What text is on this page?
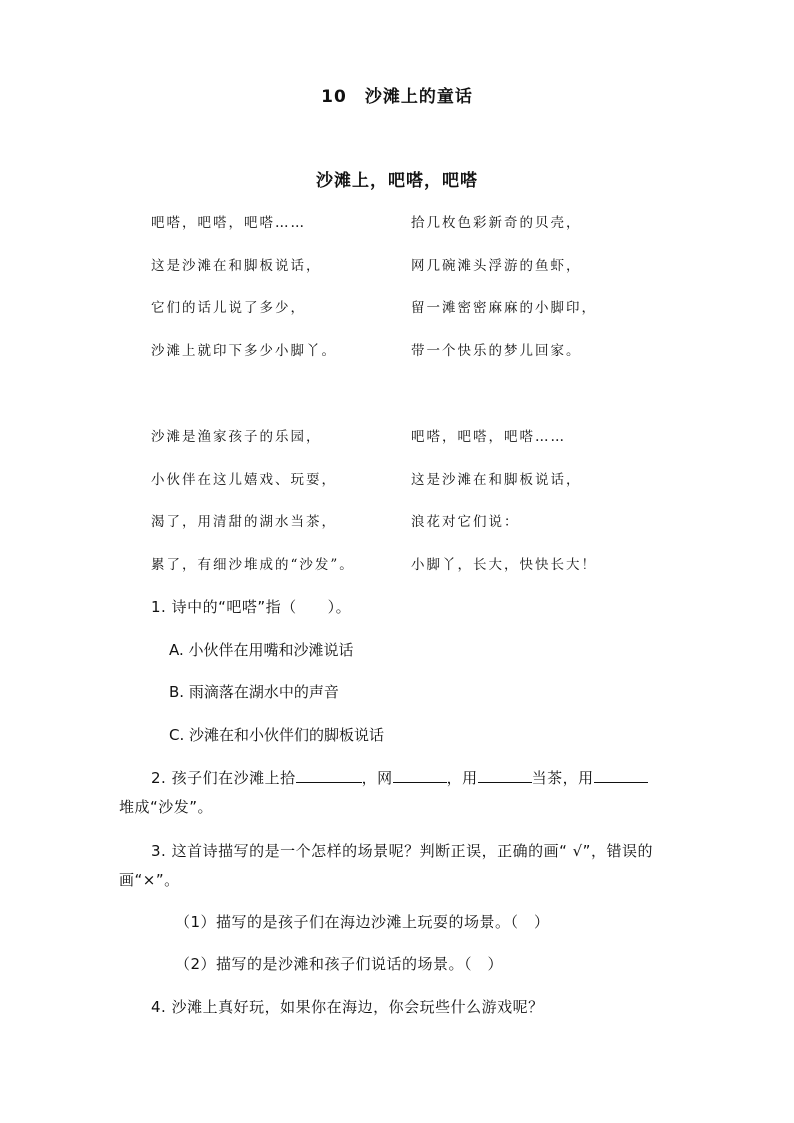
10　沙滩上的童话
沙滩上，吧嗒，吧嗒
吧嗒，吧嗒，吧嗒……
这是沙滩在和脚板说话，
它们的话儿说了多少，
沙滩上就印下多少小脚丫。
拾几枚色彩新奇的贝壳，
网几碗滩头浮游的鱼虾，
留一滩密密麻麻的小脚印，
带一个快乐的梦儿回家。
沙滩是渔家孩子的乐园，
小伙伴在这儿嬉戏、玩耍，
渴了，用清甜的湖水当茶，
累了，有细沙堆成的“沙发”。
吧嗒，吧嗒，吧嗒……
这是沙滩在和脚板说话，
浪花对它们说：
小脚丫，长大，快快长大！
1. 诗中的“吧嗒”指（　　）。
A. 小伙伴在用嘴和沙滩说话
B. 雨滴落在湖水中的声音
C. 沙滩在和小伙伴们的脚板说话
2. 孩子们在沙滩上拾	，网	，用	当茶，用
堆成“沙发”。
3. 这首诗描写的是一个怎样的场景呢？判断正误，正确的画“ √”，错误的
画“×”。
（1）描写的是孩子们在海边沙滩上玩耍的场景。（　）
（2）描写的是沙滩和孩子们说话的场景。（　）
4. 沙滩上真好玩，如果你在海边，你会玩些什么游戏呢？
